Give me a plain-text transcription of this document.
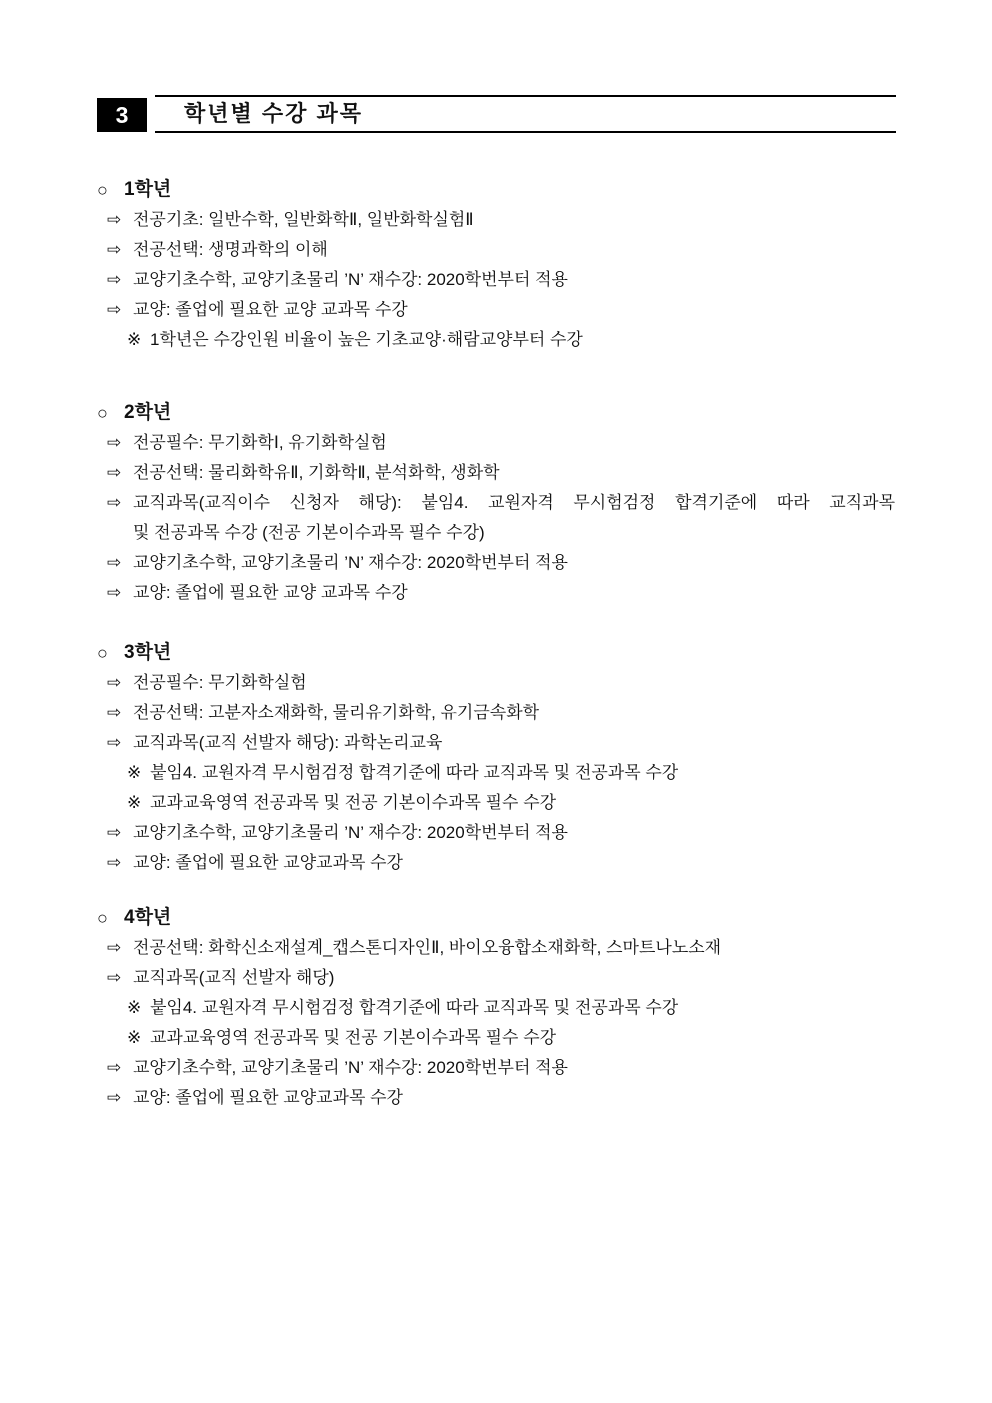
3	학년별 수강 과목
○ 1학년
⇨ 전공기초: 일반수학, 일반화학Ⅱ, 일반화학실험Ⅱ
⇨ 전공선택: 생명과학의 이해
⇨ 교양기초수학, 교양기초물리 ’N’ 재수강: 2020학번부터 적용
⇨ 교양: 졸업에 필요한 교양 교과목 수강
※ 1학년은 수강인원 비율이 높은 기초교양·해람교양부터 수강
○ 2학년
⇨ 전공필수: 무기화학Ⅰ, 유기화학실험
⇨ 전공선택: 물리화학유Ⅱ, 기화학Ⅱ, 분석화학, 생화학
⇨ 교직과목(교직이수 신청자 해당): 붙임4. 교원자격 무시험검정 합격기준에 따라 교직과목
및 전공과목 수강 (전공 기본이수과목 필수 수강)
⇨ 교양기초수학, 교양기초물리 ’N’ 재수강: 2020학번부터 적용
⇨ 교양: 졸업에 필요한 교양 교과목 수강
○ 3학년
⇨ 전공필수: 무기화학실험
⇨ 전공선택: 고분자소재화학, 물리유기화학, 유기금속화학
⇨ 교직과목(교직 선발자 해당): 과학논리교육
※ 붙임4. 교원자격 무시험검정 합격기준에 따라 교직과목 및 전공과목 수강
※ 교과교육영역 전공과목 및 전공 기본이수과목 필수 수강
⇨ 교양기초수학, 교양기초물리 ’N’ 재수강: 2020학번부터 적용
⇨ 교양: 졸업에 필요한 교양교과목 수강
○ 4학년
⇨ 전공선택: 화학신소재설계_캡스톤디자인Ⅱ, 바이오융합소재화학, 스마트나노소재
⇨ 교직과목(교직 선발자 해당)
※ 붙임4. 교원자격 무시험검정 합격기준에 따라 교직과목 및 전공과목 수강
※ 교과교육영역 전공과목 및 전공 기본이수과목 필수 수강
⇨ 교양기초수학, 교양기초물리 ’N’ 재수강: 2020학번부터 적용
⇨ 교양: 졸업에 필요한 교양교과목 수강
